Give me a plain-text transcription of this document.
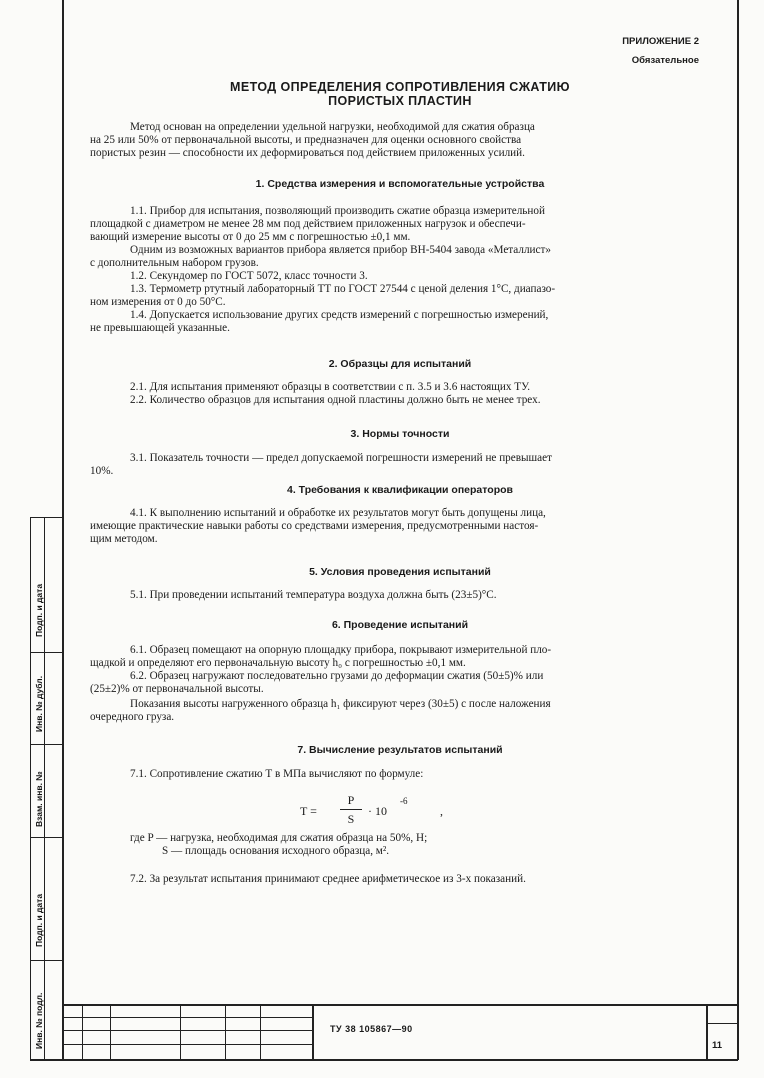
Подп. и дата
Инв. № дубл.
Взам. инв. №
Подп. и дата
Инв. № подл.
ПРИЛОЖЕНИЕ 2
Обязательное
МЕТОД ОПРЕДЕЛЕНИЯ СОПРОТИВЛЕНИЯ СЖАТИЮ
ПОРИСТЫХ ПЛАСТИН
Метод основан на определении удельной нагрузки, необходимой для сжатия образца
на 25 или 50% от первоначальной высоты, и предназначен для оценки основного свойства
пористых резин — способности их деформироваться под действием приложенных усилий.
1. Средства измерения и вспомогательные устройства
1.1. Прибор для испытания, позволяющий производить сжатие образца измерительной
площадкой с диаметром не менее 28 мм под действием приложенных нагрузок и обеспечи-
вающий измерение высоты от 0 до 25 мм с погрешностью ±0,1 мм.
Одним из возможных вариантов прибора является прибор ВН-5404 завода «Металлист»
с дополнительным набором грузов.
1.2. Секундомер по ГОСТ 5072, класс точности 3.
1.3. Термометр ртутный лабораторный ТТ по ГОСТ 27544 с ценой деления 1°С, диапазо-
ном измерения от 0 до 50°С.
1.4. Допускается использование других средств измерений с погрешностью измерений,
не превышающей указанные.
2. Образцы для испытаний
2.1. Для испытания применяют образцы в соответствии с п. 3.5 и 3.6 настоящих ТУ.
2.2. Количество образцов для испытания одной пластины должно быть не менее трех.
3. Нормы точности
3.1. Показатель точности — предел допускаемой погрешности измерений не превышает
10%.
4. Требования к квалификации операторов
4.1. К выполнению испытаний и обработке их результатов могут быть допущены лица,
имеющие практические навыки работы со средствами измерения, предусмотренными настоя-
щим методом.
5. Условия проведения испытаний
5.1. При проведении испытаний температура воздуха должна быть (23±5)°С.
6. Проведение испытаний
6.1. Образец помещают на опорную площадку прибора, покрывают измерительной пло-
щадкой и определяют его первоначальную высоту h₀ с погрешностью ±0,1 мм.
6.2. Образец нагружают последовательно грузами до деформации сжатия (50±5)% или
(25±2)% от первоначальной высоты.
Показания высоты нагруженного образца h₁ фиксируют через (30±5) с после наложения
очередного груза.
7. Вычисление результатов испытаний
7.1. Сопротивление сжатию Т в МПа вычисляют по формуле:
T =
P
S
· 10
-6
,
где P — нагрузка, необходимая для сжатия образца на 50%, Н;
S — площадь основания исходного образца, м².
7.2. За результат испытания принимают среднее арифметическое из 3-х показаний.
ТУ 38 105867—90
11
